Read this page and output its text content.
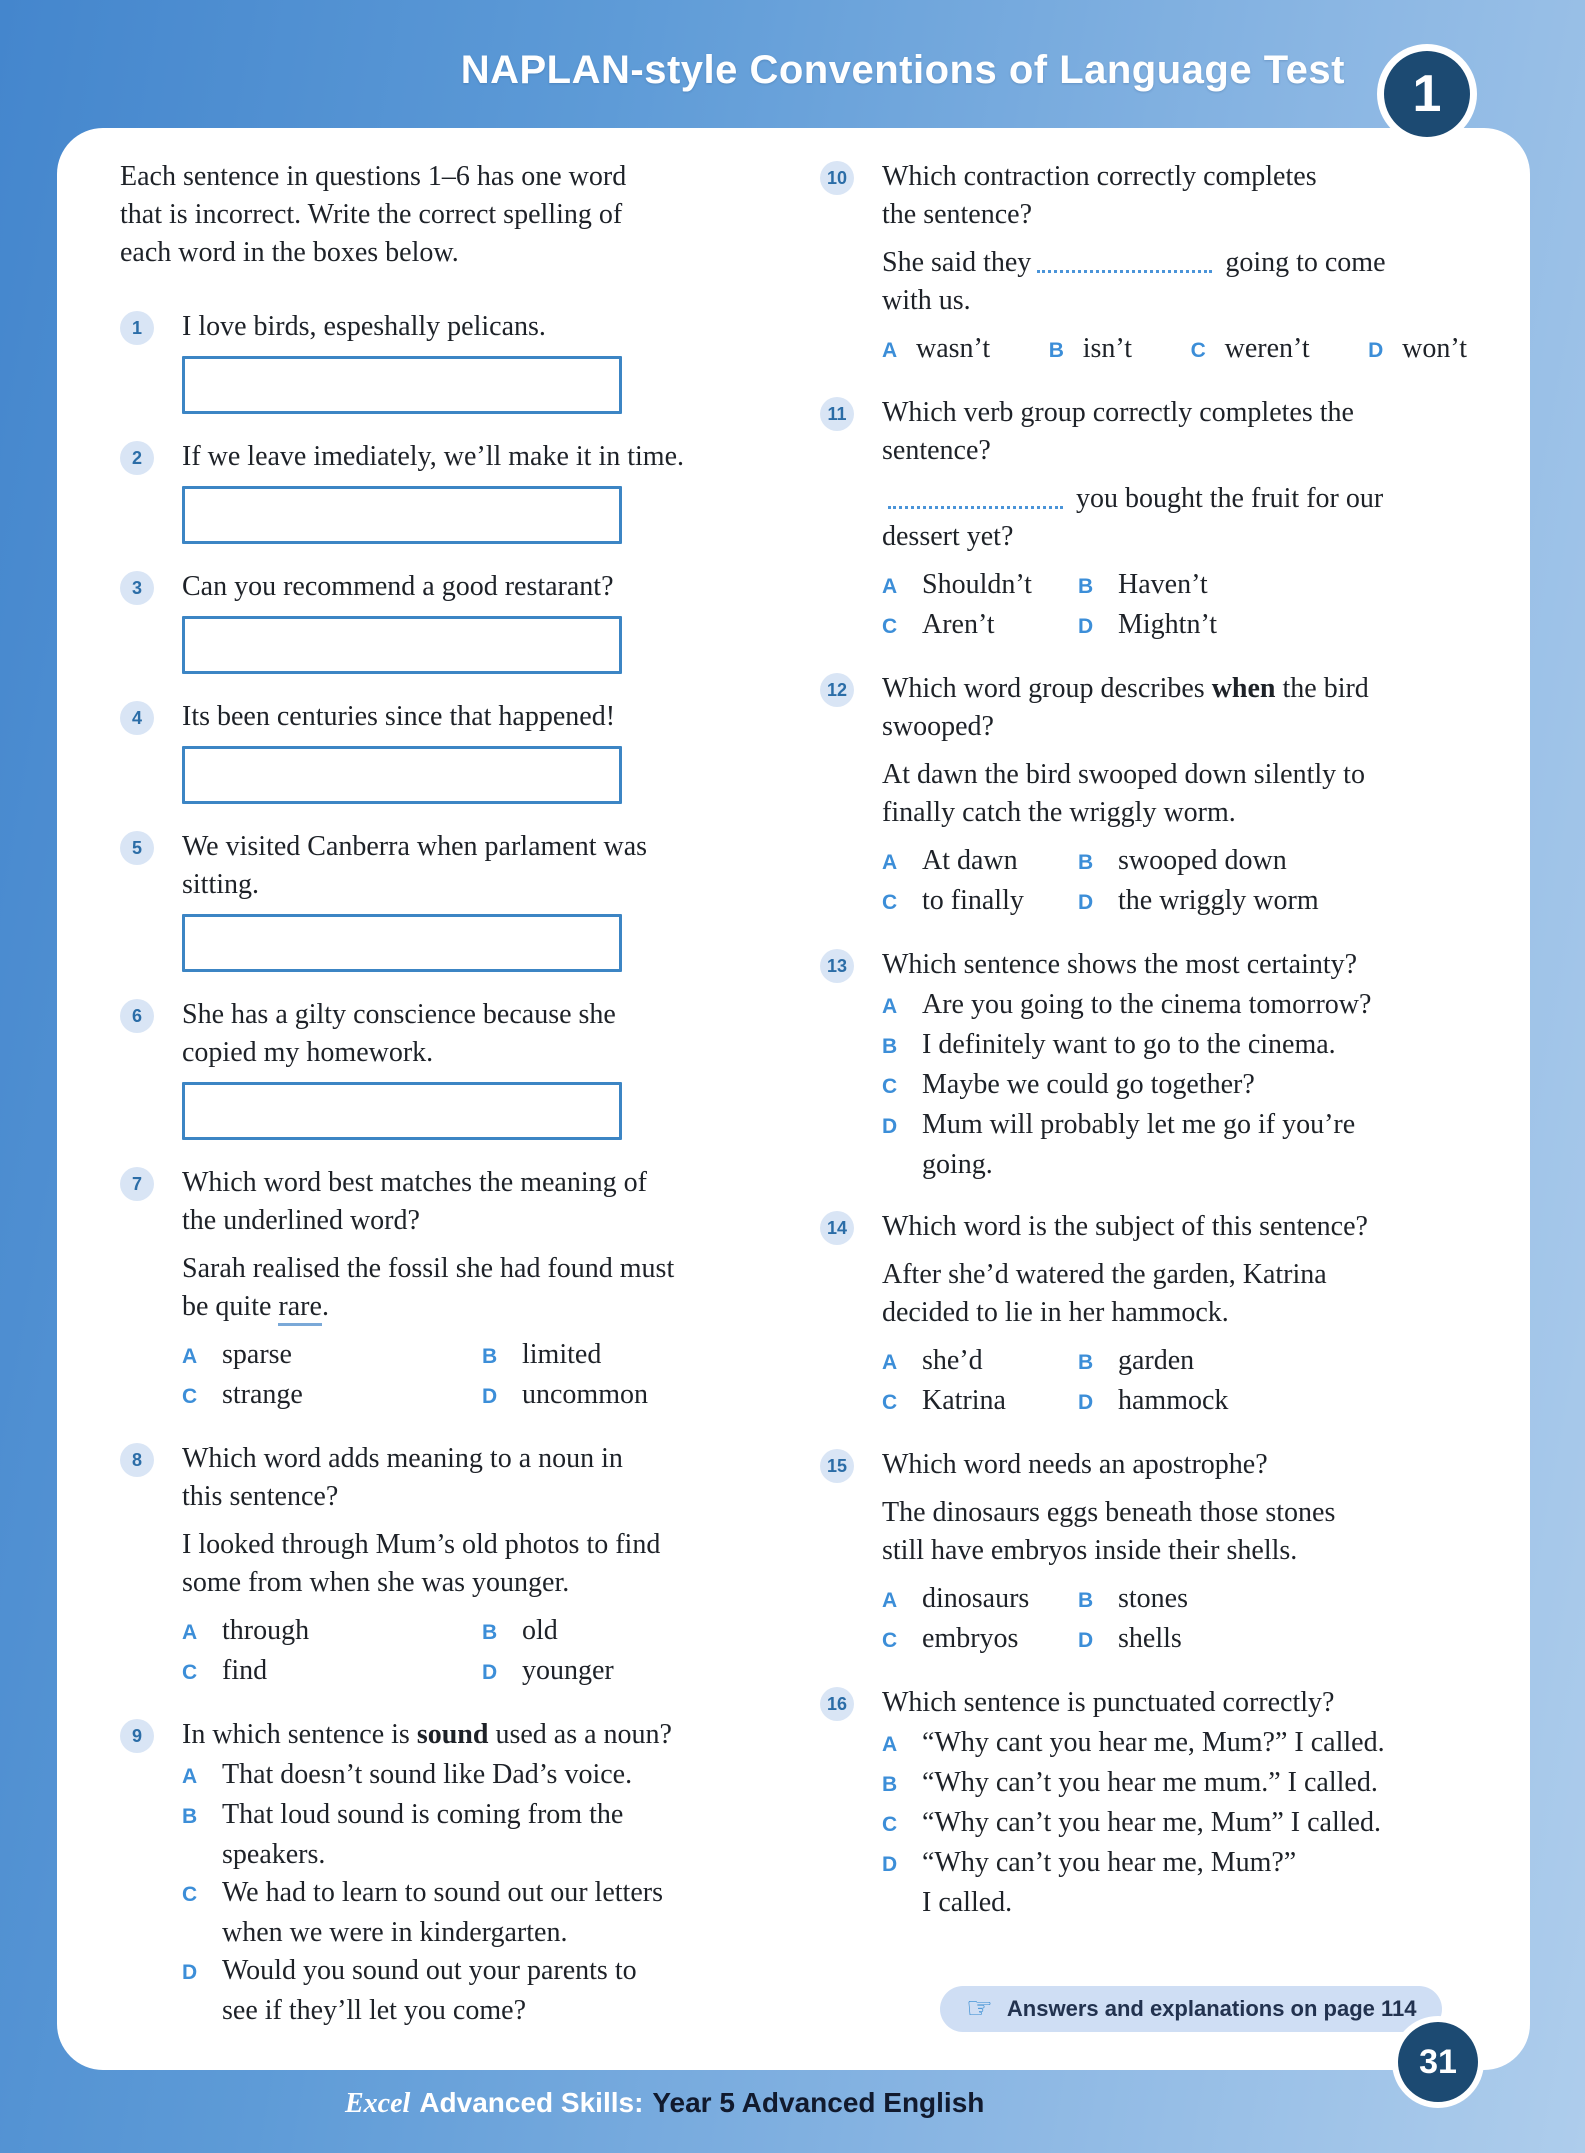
NAPLAN-style Conventions of Language Test 1

Each sentence in questions 1–6 has one word
that is incorrect. Write the correct spelling of
each word in the boxes below.

1 I love birds, espeshally pelicans.
2 If we leave imediately, we’ll make it in time.
3 Can you recommend a good restarant?
4 Its been centuries since that happened!
5 We visited Canberra when parlament was
sitting.
6 She has a gilty conscience because she
copied my homework.
7 Which word best matches the meaning of
the underlined word?
Sarah realised the fossil she had found must
be quite rare.
A sparse	B limited
C strange	D uncommon
8 Which word adds meaning to a noun in
this sentence?
I looked through Mum’s old photos to find
some from when she was younger.
A through	B old
C find	D younger
9 In which sentence is sound used as a noun?
A That doesn’t sound like Dad’s voice.
B That loud sound is coming from the
speakers.
C We had to learn to sound out our letters
when we were in kindergarten.
D Would you sound out your parents to
see if they’ll let you come?
10 Which contraction correctly completes
the sentence?
She said they	going to come
with us.
A wasn’t	B isn’t	C weren’t	D won’t
11 Which verb group correctly completes the
sentence?
you bought the fruit for our
dessert yet?
A Shouldn’t B Haven’t
C Aren’t	D Mightn’t
12 Which word group describes when the bird
swooped?
At dawn the bird swooped down silently to
finally catch the wriggly worm.
A At dawn	B swooped down
C to finally	D the wriggly worm
13 Which sentence shows the most certainty?
A Are you going to the cinema tomorrow?
B I definitely want to go to the cinema.
C Maybe we could go together?
D Mum will probably let me go if you’re
going.
14 Which word is the subject of this sentence?
After she’d watered the garden, Katrina
decided to lie in her hammock.
A she’d	B garden
C Katrina	D hammock
15 Which word needs an apostrophe?
The dinosaurs eggs beneath those stones
still have embryos inside their shells.
A dinosaurs B stones
C embryos	D shells
16 Which sentence is punctuated correctly?
A “Why cant you hear me, Mum?” I called.
B “Why can’t you hear me mum.” I called.
C “Why can’t you hear me, Mum” I called.
D “Why can’t you hear me, Mum?”
I called.
☞ Answers and explanations on page 114
Excel Advanced Skills: Year 5 Advanced English
31
